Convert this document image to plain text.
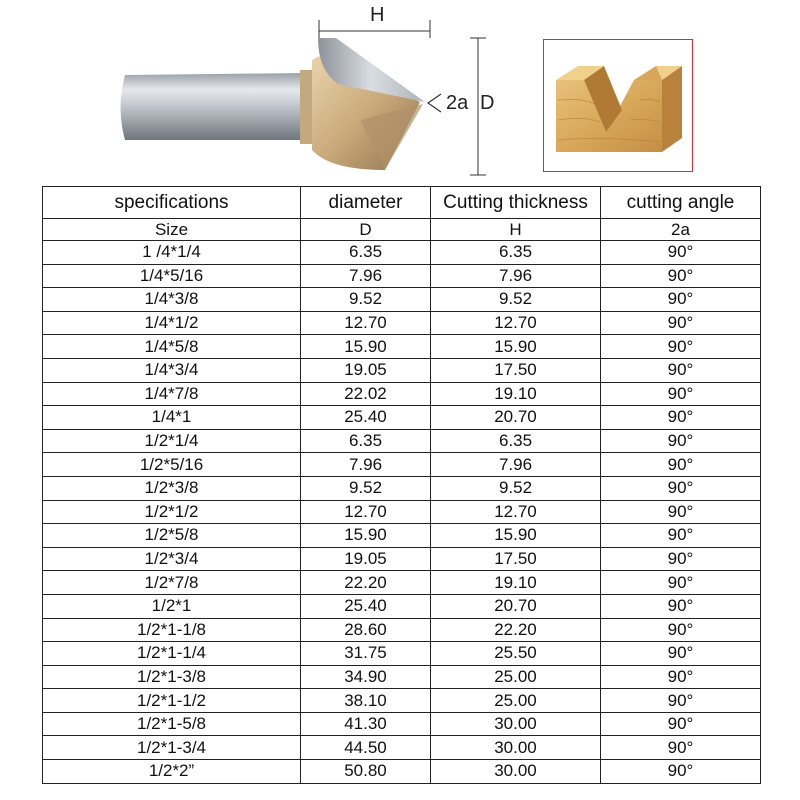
H
2a D
specifications	diameter	Cutting thickness	cutting angle
Size	D	H	2a
1 /4*1/4	6.35	6.35	90°
1/4*5/16	7.96	7.96	90°
1/4*3/8	9.52	9.52	90°
1/4*1/2	12.70	12.70	90°
1/4*5/8	15.90	15.90	90°
1/4*3/4	19.05	17.50	90°
1/4*7/8	22.02	19.10	90°
1/4*1	25.40	20.70	90°
1/2*1/4	6.35	6.35	90°
1/2*5/16	7.96	7.96	90°
1/2*3/8	9.52	9.52	90°
1/2*1/2	12.70	12.70	90°
1/2*5/8	15.90	15.90	90°
1/2*3/4	19.05	17.50	90°
1/2*7/8	22.20	19.10	90°
1/2*1	25.40	20.70	90°
1/2*1-1/8	28.60	22.20	90°
1/2*1-1/4	31.75	25.50	90°
1/2*1-3/8	34.90	25.00	90°
1/2*1-1/2	38.10	25.00	90°
1/2*1-5/8	41.30	30.00	90°
1/2*1-3/4	44.50	30.00	90°
1/2*2”	50.80	30.00	90°
